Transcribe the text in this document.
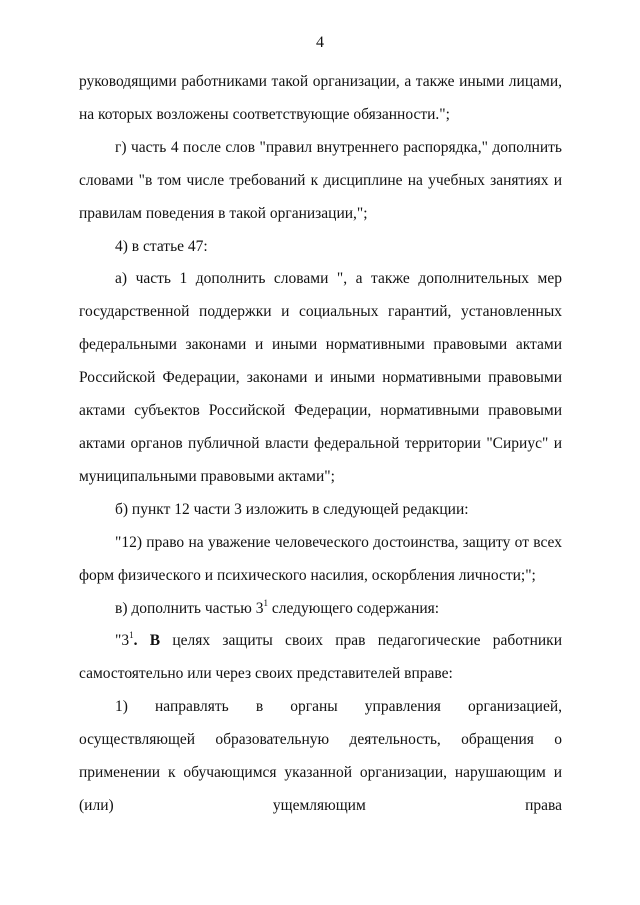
4

руководящими работниками такой организации, а также иными лицами, на которых возложены соответствующие обязанности.";

г) часть 4 после слов "правил внутреннего распорядка," дополнить словами "в том числе требований к дисциплине на учебных занятиях и правилам поведения в такой организации,";

4) в статье 47:

а) часть 1 дополнить словами ", а также дополнительных мер государственной поддержки и социальных гарантий, установленных федеральными законами и иными нормативными правовыми актами Российской Федерации, законами и иными нормативными правовыми актами субъектов Российской Федерации, нормативными правовыми актами органов публичной власти федеральной территории "Сириус" и муниципальными правовыми актами";

б) пункт 12 части 3 изложить в следующей редакции:

"12) право на уважение человеческого достоинства, защиту от всех форм физического и психического насилия, оскорбления личности;";

в) дополнить частью $3^1$ следующего содержания:

"$3^1$. В целях защиты своих прав педагогические работники самостоятельно или через своих представителей вправе:

1) направлять в органы управления организацией, осуществляющей образовательную деятельность, обращения о применении к обучающимся указанной организации, нарушающим и (или) ущемляющим права
